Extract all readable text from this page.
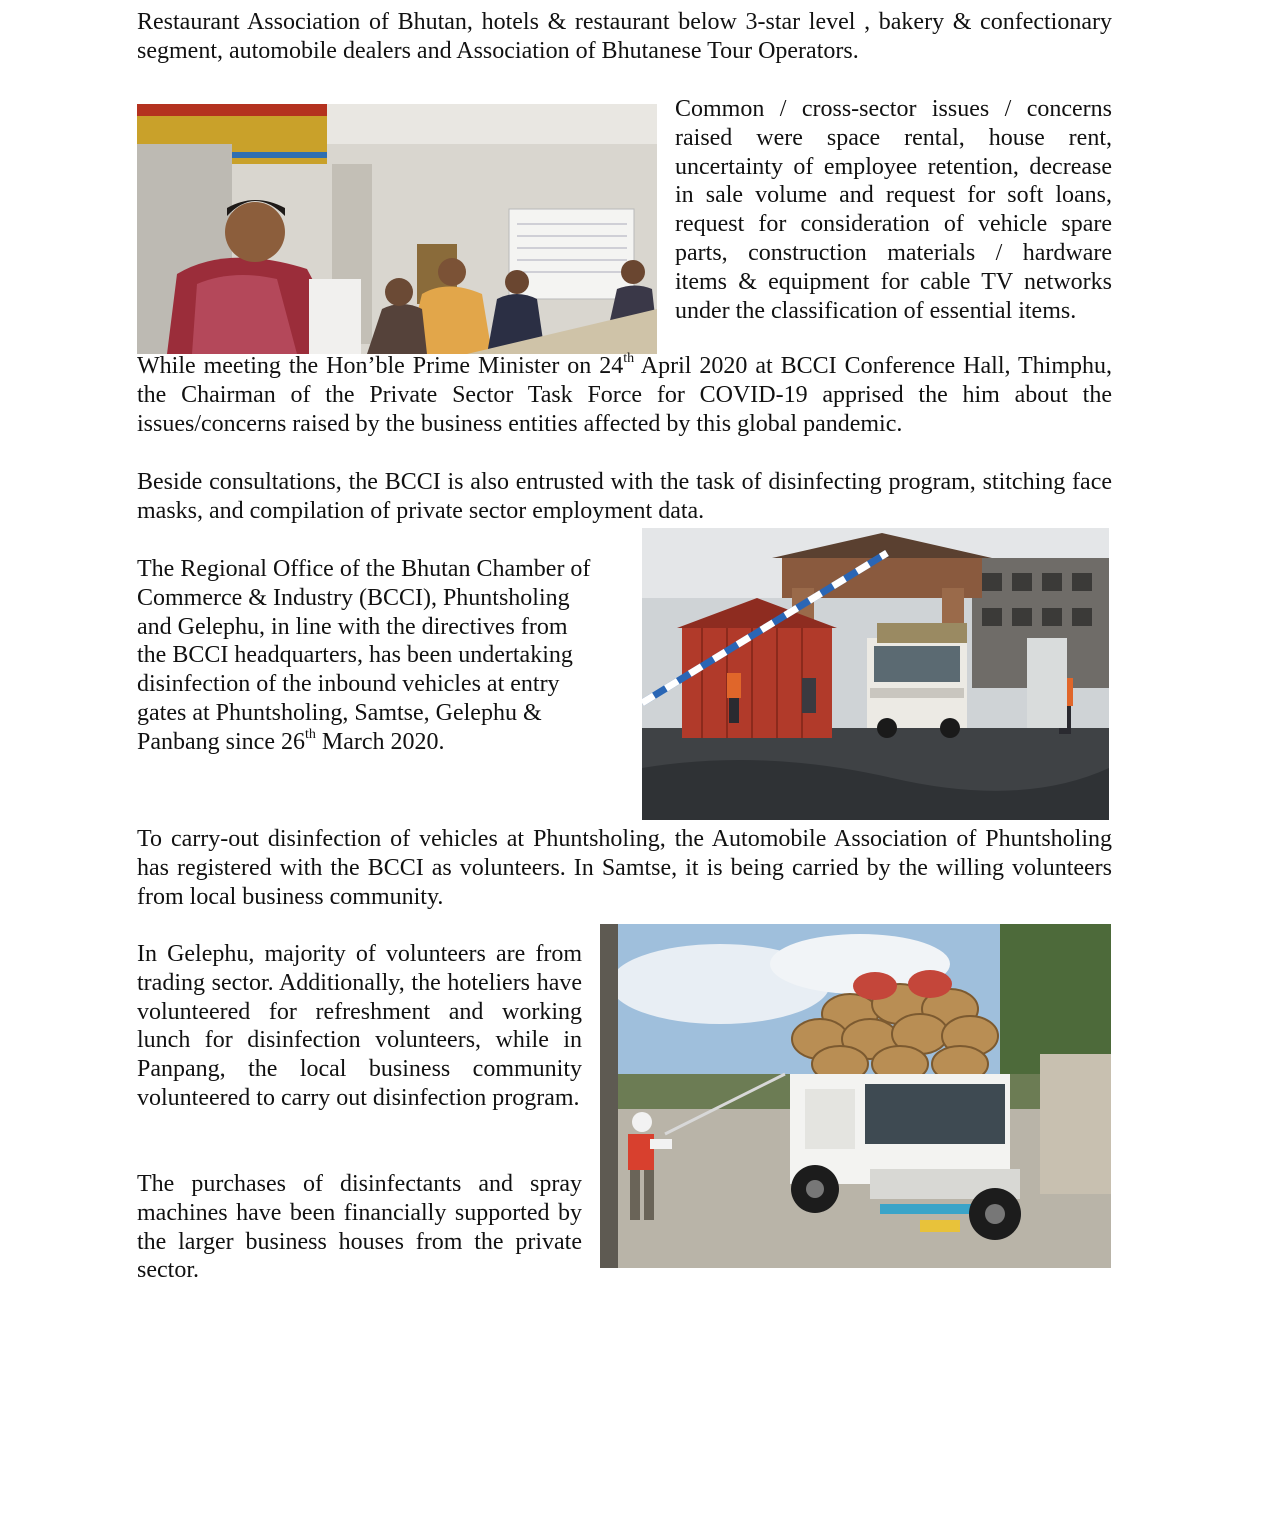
Restaurant Association of Bhutan, hotels & restaurant below 3-star level , bakery & confectionary segment, automobile dealers and Association of Bhutanese Tour Operators.

Common / cross-sector issues / concerns raised were space rental, house rent, uncertainty of employee retention, decrease in sale volume and request for soft loans, request for consideration of vehicle spare parts, construction materials / hardware items & equipment for cable TV networks under the classification of essential items.

While meeting the Hon’ble Prime Minister on 24th April 2020 at BCCI Conference Hall, Thimphu, the Chairman of the Private Sector Task Force for COVID-19 apprised the him about the issues/concerns raised by the business entities affected by this global pandemic.

Beside consultations, the BCCI is also entrusted with the task of disinfecting program, stitching face masks, and compilation of private sector employment data.

The Regional Office of the Bhutan Chamber of Commerce & Industry (BCCI), Phuntsholing and Gelephu, in line with the directives from the BCCI headquarters, has been undertaking disinfection of the inbound vehicles at entry gates at Phuntsholing, Samtse, Gelephu & Panbang since 26th March 2020.

To carry-out disinfection of vehicles at Phuntsholing, the Automobile Association of Phuntsholing has registered with the BCCI as volunteers. In Samtse, it is being carried by the willing volunteers from local business community.

In Gelephu, majority of volunteers are from trading sector. Additionally, the hoteliers have volunteered for refreshment and working lunch for disinfection volunteers, while in Panpang, the local business community volunteered to carry out disinfection program.

The purchases of disinfectants and spray machines have been financially supported by the larger business houses from the private sector.
